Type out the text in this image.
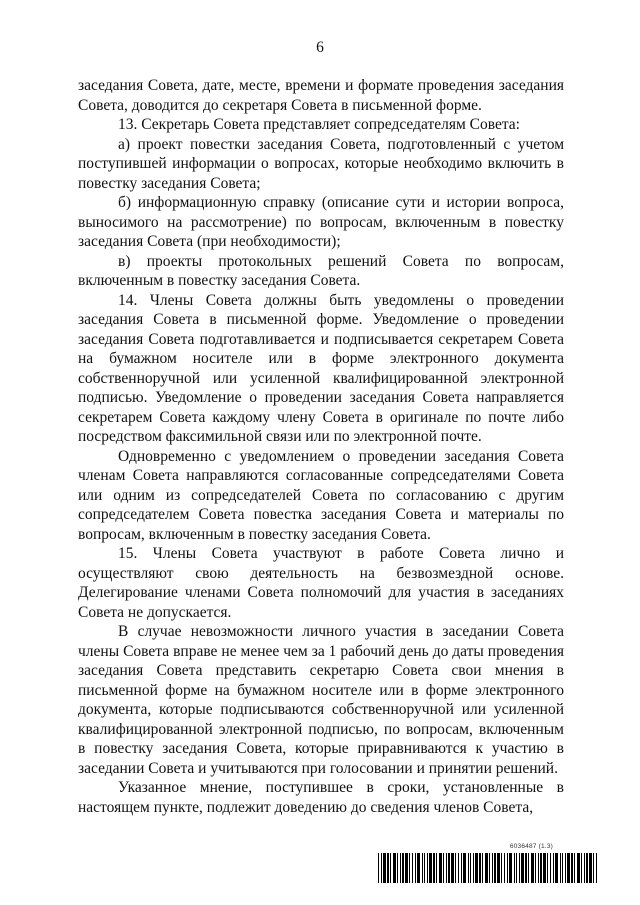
6

заседания Совета, дате, месте, времени и формате проведения заседания Совета, доводится до секретаря Совета в письменной форме.

13. Секретарь Совета представляет сопредседателям Совета:

а) проект повестки заседания Совета, подготовленный с учетом поступившей информации о вопросах, которые необходимо включить в повестку заседания Совета;

б) информационную справку (описание сути и истории вопроса, выносимого на рассмотрение) по вопросам, включенным в повестку заседания Совета (при необходимости);

в) проекты протокольных решений Совета по вопросам, включенным в повестку заседания Совета.

14. Члены Совета должны быть уведомлены о проведении заседания Совета в письменной форме. Уведомление о проведении заседания Совета подготавливается и подписывается секретарем Совета на бумажном носителе или в форме электронного документа собственноручной или усиленной квалифицированной электронной подписью. Уведомление о проведении заседания Совета направляется секретарем Совета каждому члену Совета в оригинале по почте либо посредством факсимильной связи или по электронной почте.

Одновременно с уведомлением о проведении заседания Совета членам Совета направляются согласованные сопредседателями Совета или одним из сопредседателей Совета по согласованию с другим сопредседателем Совета повестка заседания Совета и материалы по вопросам, включенным в повестку заседания Совета.

15. Члены Совета участвуют в работе Совета лично и осуществляют свою деятельность на безвозмездной основе. Делегирование членами Совета полномочий для участия в заседаниях Совета не допускается.

В случае невозможности личного участия в заседании Совета члены Совета вправе не менее чем за 1 рабочий день до даты проведения заседания Совета представить секретарю Совета свои мнения в письменной форме на бумажном носителе или в форме электронного документа, которые подписываются собственноручной или усиленной квалифицированной электронной подписью, по вопросам, включенным в повестку заседания Совета, которые приравниваются к участию в заседании Совета и учитываются при голосовании и принятии решений.

Указанное мнение, поступившее в сроки, установленные в настоящем пункте, подлежит доведению до сведения членов Совета,

6036487 (1.3)
